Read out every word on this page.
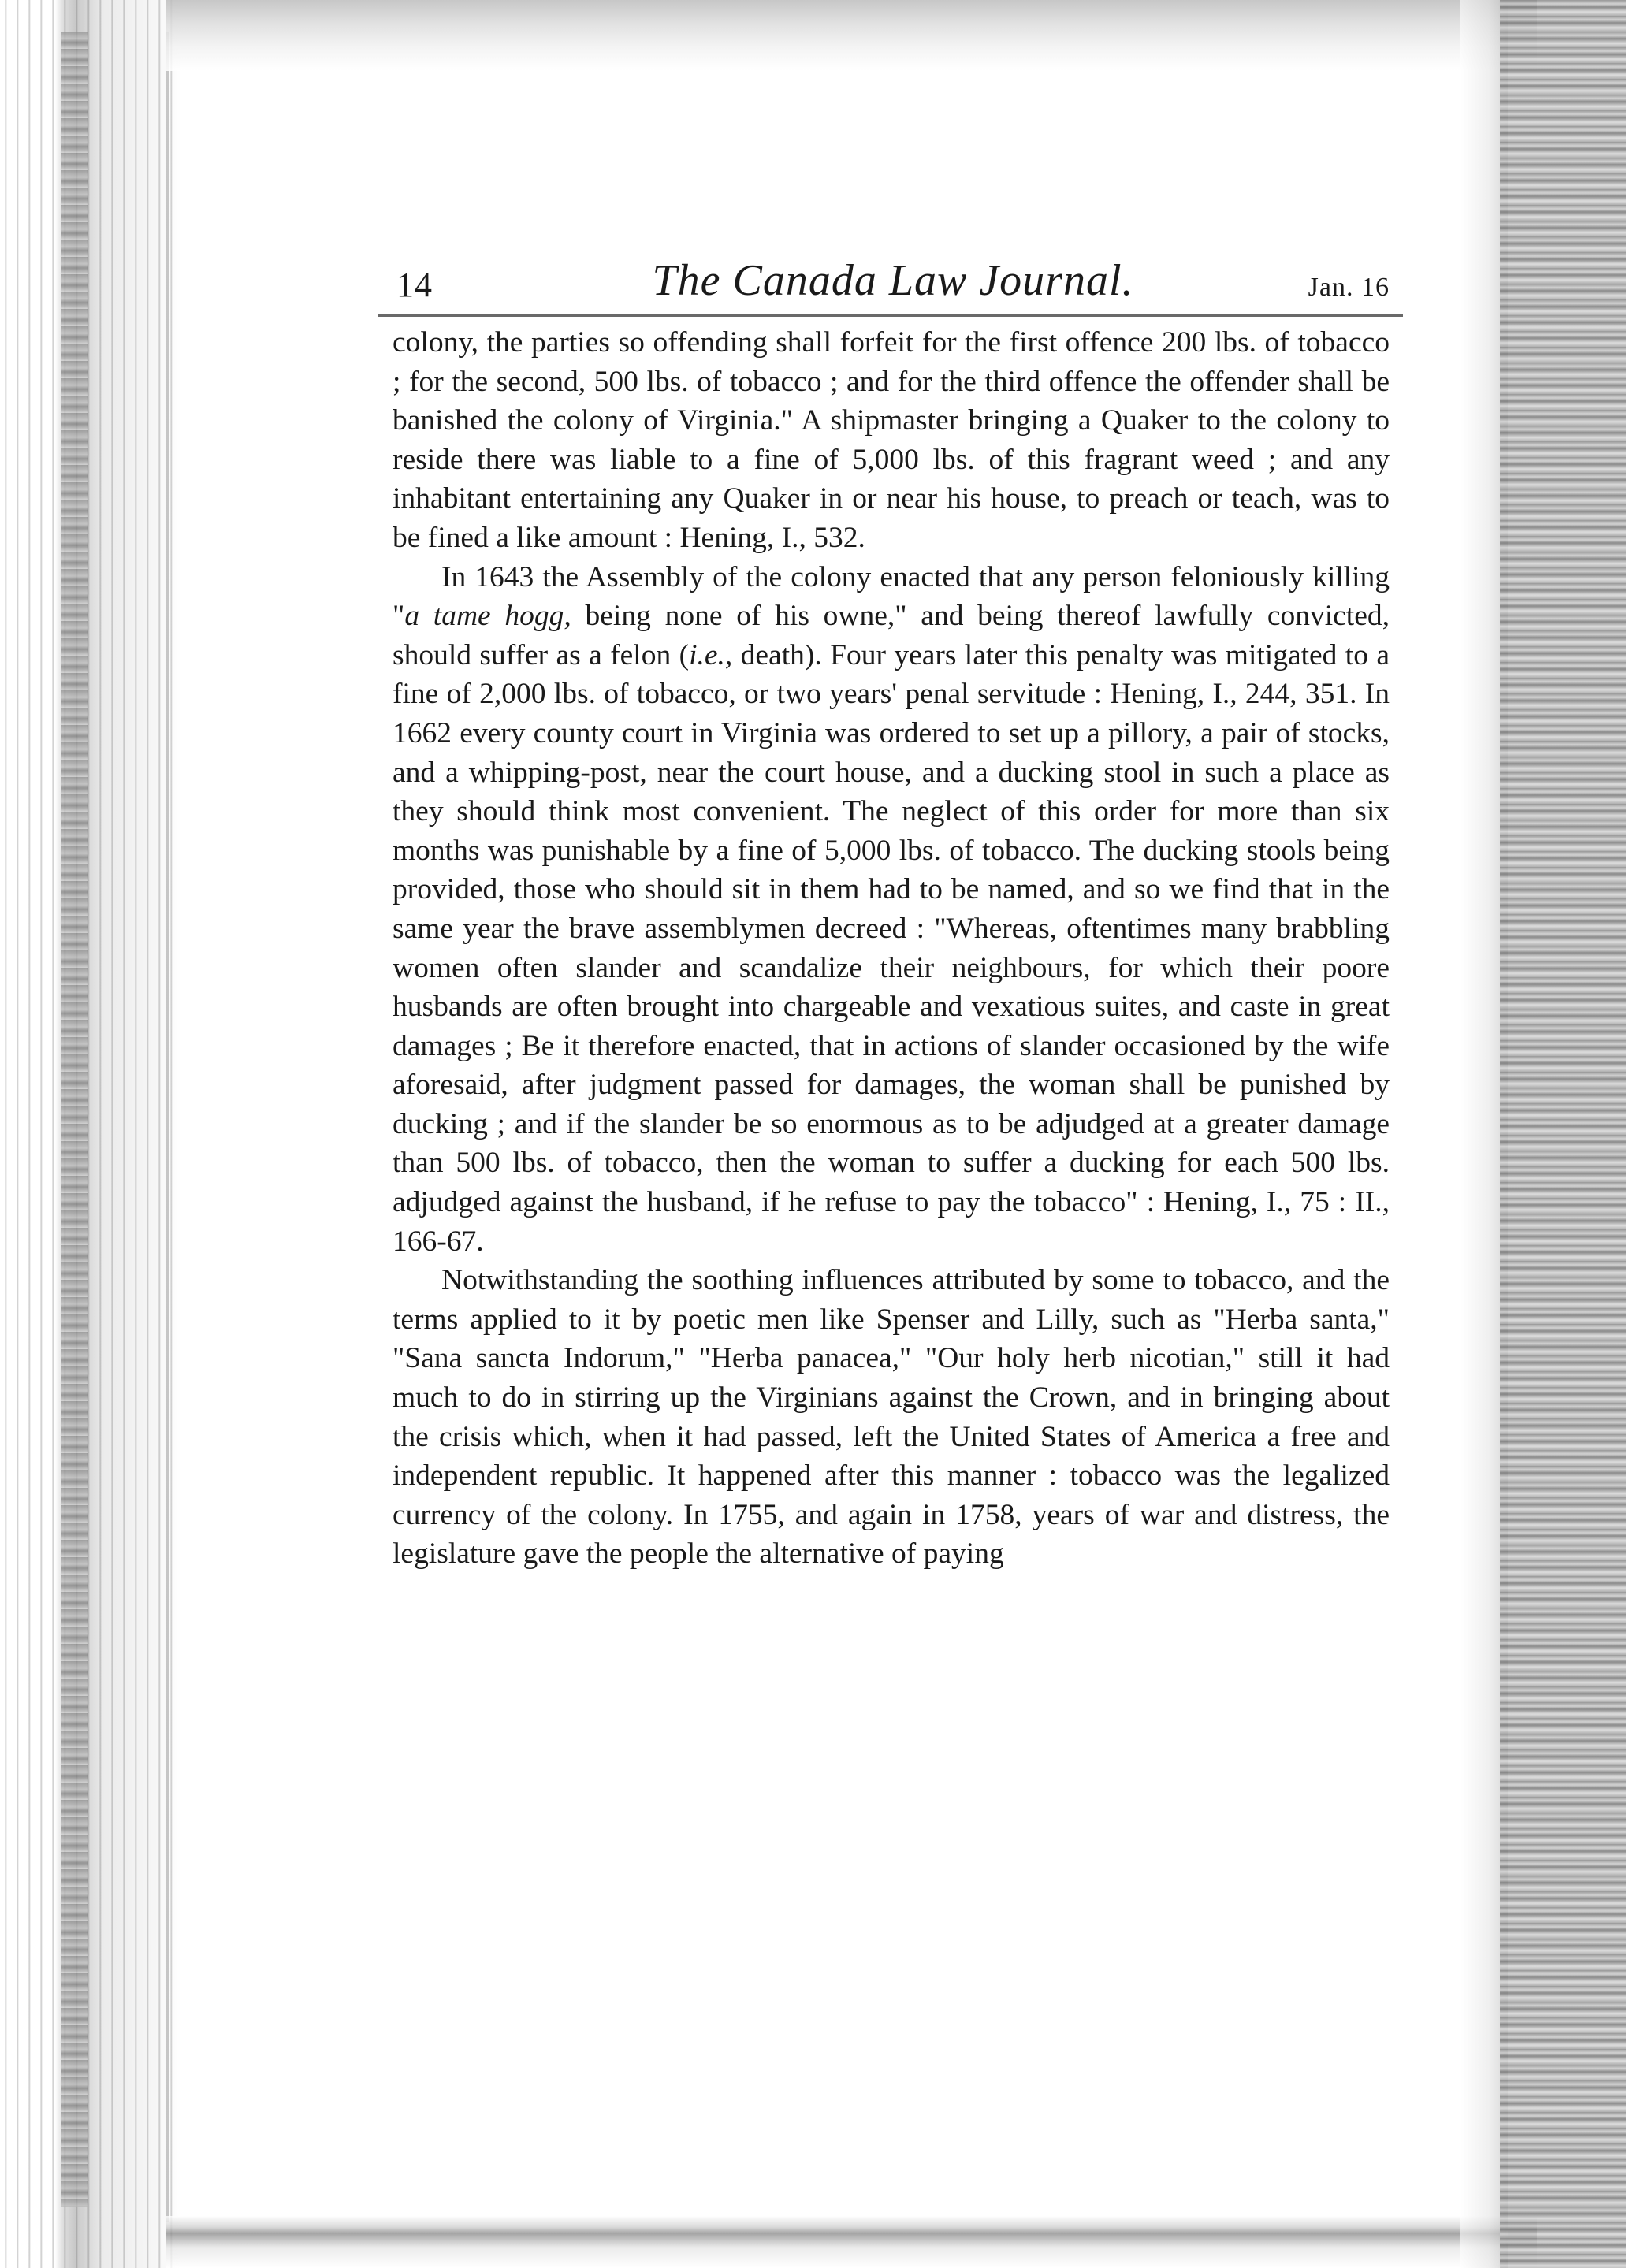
14	The Canada Law Journal.	Jan. 16

colony, the parties so offending shall forfeit for the first offence 200 lbs. of tobacco ; for the second, 500 lbs. of tobacco ; and for the third offence the offender shall be banished the colony of Virginia." A shipmaster bringing a Quaker to the colony to reside there was liable to a fine of 5,000 lbs. of this fragrant weed ; and any inhabitant entertaining any Quaker in or near his house, to preach or teach, was to be fined a like amount : Hening, I., 532.

In 1643 the Assembly of the colony enacted that any person feloniously killing "a tame hogg, being none of his owne," and being thereof lawfully convicted, should suffer as a felon (i.e., death). Four years later this penalty was mitigated to a fine of 2,000 lbs. of tobacco, or two years' penal servitude : Hening, I., 244, 351. In 1662 every county court in Virginia was ordered to set up a pillory, a pair of stocks, and a whipping-post, near the court house, and a ducking stool in such a place as they should think most convenient. The neglect of this order for more than six months was punishable by a fine of 5,000 lbs. of tobacco. The ducking stools being provided, those who should sit in them had to be named, and so we find that in the same year the brave assemblymen decreed : "Whereas, oftentimes many brabbling women often slander and scandalize their neighbours, for which their poore husbands are often brought into chargeable and vexatious suites, and caste in great damages ; Be it therefore enacted, that in actions of slander occasioned by the wife aforesaid, after judgment passed for damages, the woman shall be punished by ducking ; and if the slander be so enormous as to be adjudged at a greater damage than 500 lbs. of tobacco, then the woman to suffer a ducking for each 500 lbs. adjudged against the husband, if he refuse to pay the tobacco" : Hening, I., 75 : II., 166-67.

Notwithstanding the soothing influences attributed by some to tobacco, and the terms applied to it by poetic men like Spenser and Lilly, such as "Herba santa," "Sana sancta Indorum," "Herba panacea," "Our holy herb nicotian," still it had much to do in stirring up the Virginians against the Crown, and in bringing about the crisis which, when it had passed, left the United States of America a free and independent republic. It happened after this manner : tobacco was the legalized currency of the colony. In 1755, and again in 1758, years of war and distress, the legislature gave the people the alternative of paying
